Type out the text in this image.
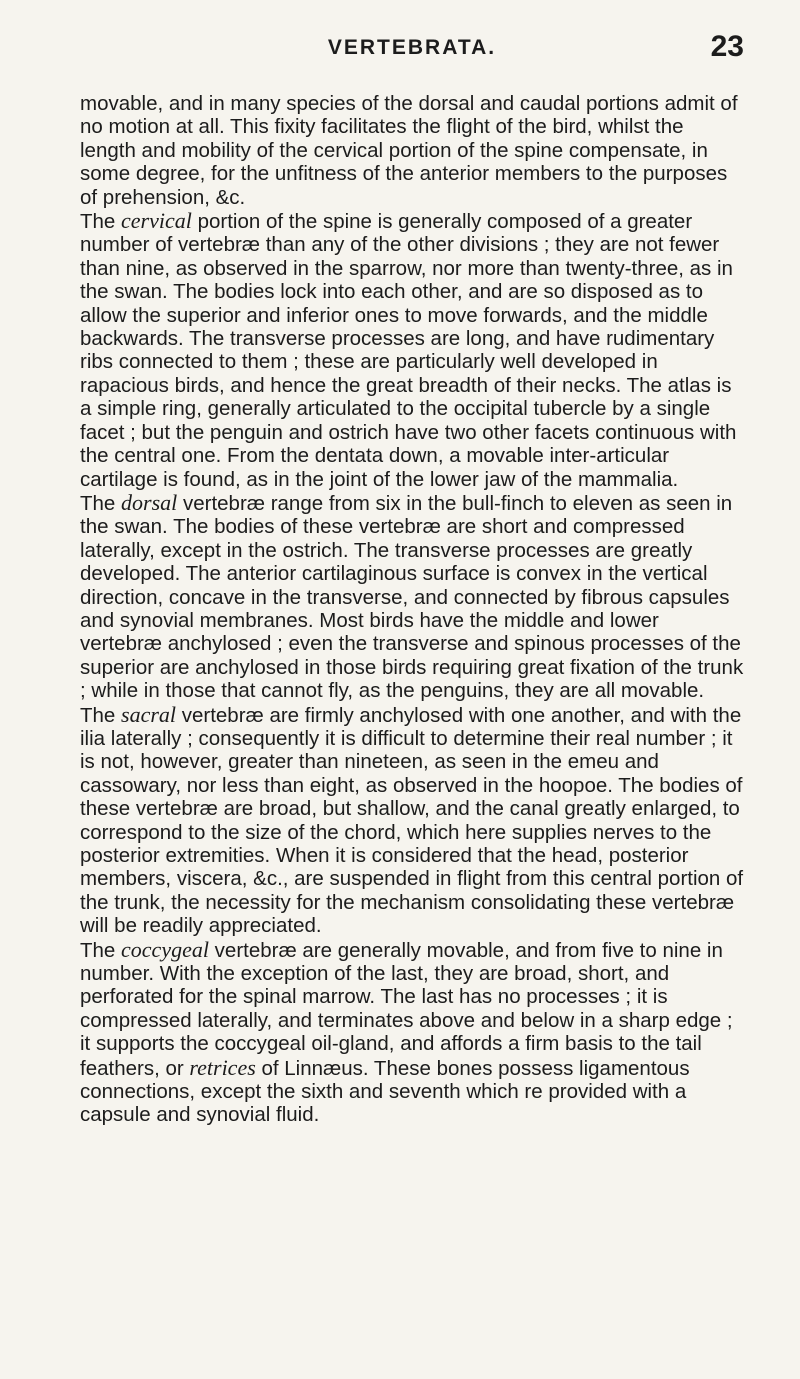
VERTEBRATA.	23

movable, and in many species of the dorsal and caudal portions admit of no motion at all. This fixity facilitates the flight of the bird, whilst the length and mobility of the cervical portion of the spine compensate, in some degree, for the unfitness of the anterior members to the purposes of prehension, &c.

The cervical portion of the spine is generally composed of a greater number of vertebræ than any of the other divisions ; they are not fewer than nine, as observed in the sparrow, nor more than twenty-three, as in the swan. The bodies lock into each other, and are so disposed as to allow the superior and inferior ones to move forwards, and the middle backwards. The transverse processes are long, and have rudimentary ribs connected to them ; these are particularly well developed in rapacious birds, and hence the great breadth of their necks. The atlas is a simple ring, generally articulated to the occipital tubercle by a single facet ; but the penguin and ostrich have two other facets continuous with the central one. From the dentata down, a movable inter-articular cartilage is found, as in the joint of the lower jaw of the mammalia.

The dorsal vertebræ range from six in the bull-finch to eleven as seen in the swan. The bodies of these vertebræ are short and compressed laterally, except in the ostrich. The transverse processes are greatly developed. The anterior cartilaginous surface is convex in the vertical direction, concave in the transverse, and connected by fibrous capsules and synovial membranes. Most birds have the middle and lower vertebræ anchylosed ; even the transverse and spinous processes of the superior are anchylosed in those birds requiring great fixation of the trunk ; while in those that cannot fly, as the penguins, they are all movable.

The sacral vertebræ are firmly anchylosed with one another, and with the ilia laterally ; consequently it is difficult to determine their real number ; it is not, however, greater than nineteen, as seen in the emeu and cassowary, nor less than eight, as observed in the hoopoe. The bodies of these vertebræ are broad, but shallow, and the canal greatly enlarged, to correspond to the size of the chord, which here supplies nerves to the posterior extremities. When it is considered that the head, posterior members, viscera, &c., are suspended in flight from this central portion of the trunk, the necessity for the mechanism consolidating these vertebræ will be readily appreciated.

The coccygeal vertebræ are generally movable, and from five to nine in number. With the exception of the last, they are broad, short, and perforated for the spinal marrow. The last has no processes ; it is compressed laterally, and terminates above and below in a sharp edge ; it supports the coccygeal oil-gland, and affords a firm basis to the tail feathers, or retrices of Linnæus. These bones possess ligamentous connections, except the sixth and seventh which re provided with a capsule and synovial fluid.
